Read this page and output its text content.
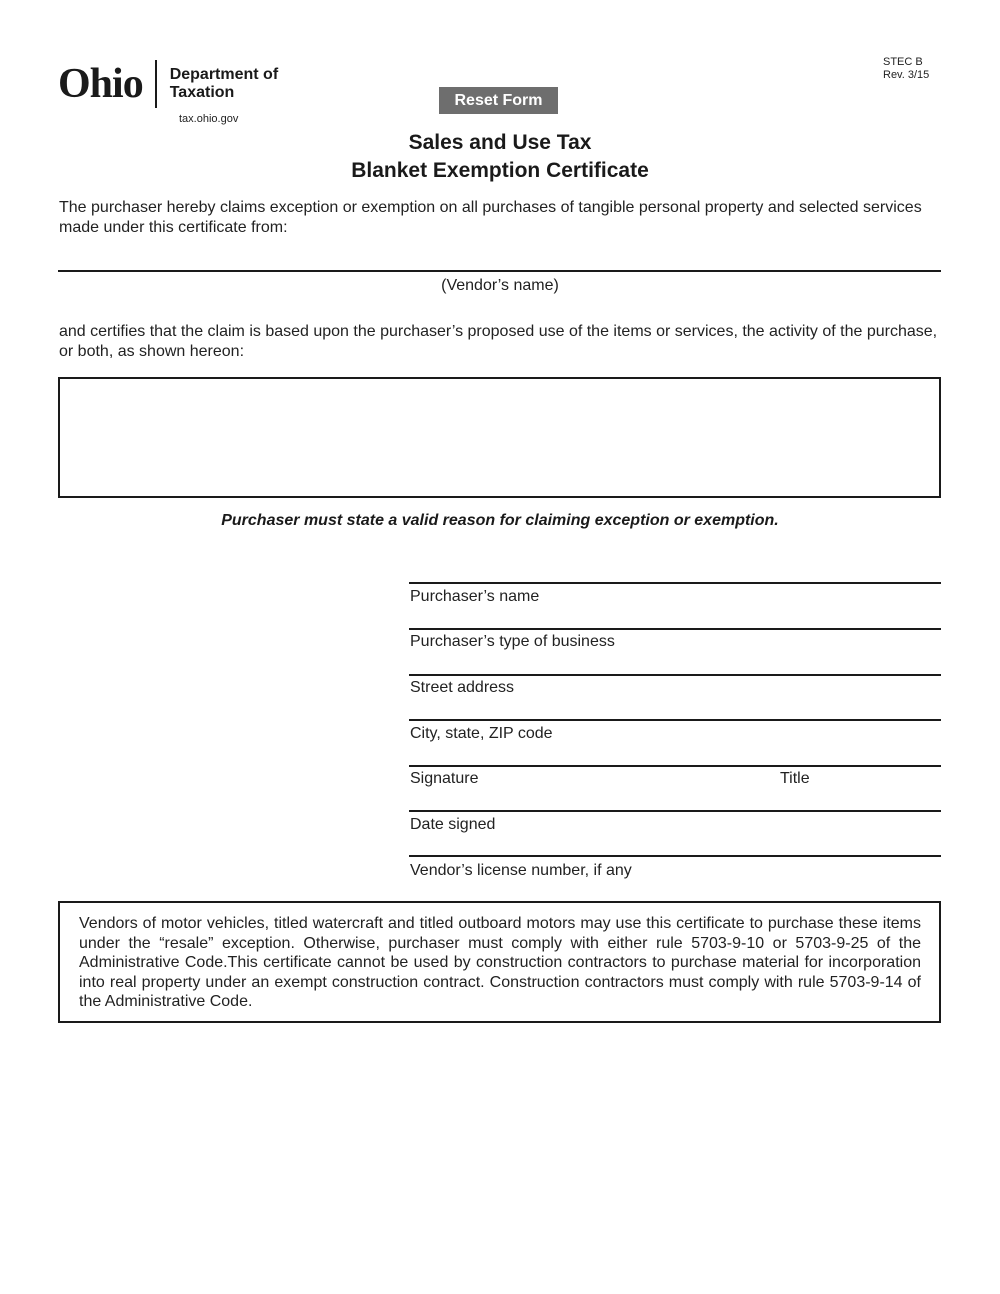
Ohio Department of
Taxation
tax.ohio.gov
STEC B
Rev. 3/15
Reset Form
Sales and Use Tax
Blanket Exemption Certificate
The purchaser hereby claims exception or exemption on all purchases of tangible personal property and selected services made under this certificate from:
(Vendor’s name)
and certifies that the claim is based upon the purchaser’s proposed use of the items or services, the activity of the purchase, or both, as shown hereon:
Purchaser must state a valid reason for claiming exception or exemption.
Purchaser’s name
Purchaser’s type of business
Street address
City, state, ZIP code
Signature	Title
Date signed
Vendor’s license number, if any
Vendors of motor vehicles, titled watercraft and titled outboard motors may use this certificate to purchase these items under the “resale” exception. Otherwise, purchaser must comply with either rule 5703-9-10 or 5703-9-25 of the Administrative Code.This certificate cannot be used by construction contractors to purchase material for incorporation into real property under an exempt construction contract. Construction contractors must comply with rule 5703-9-14 of the Administrative Code.
